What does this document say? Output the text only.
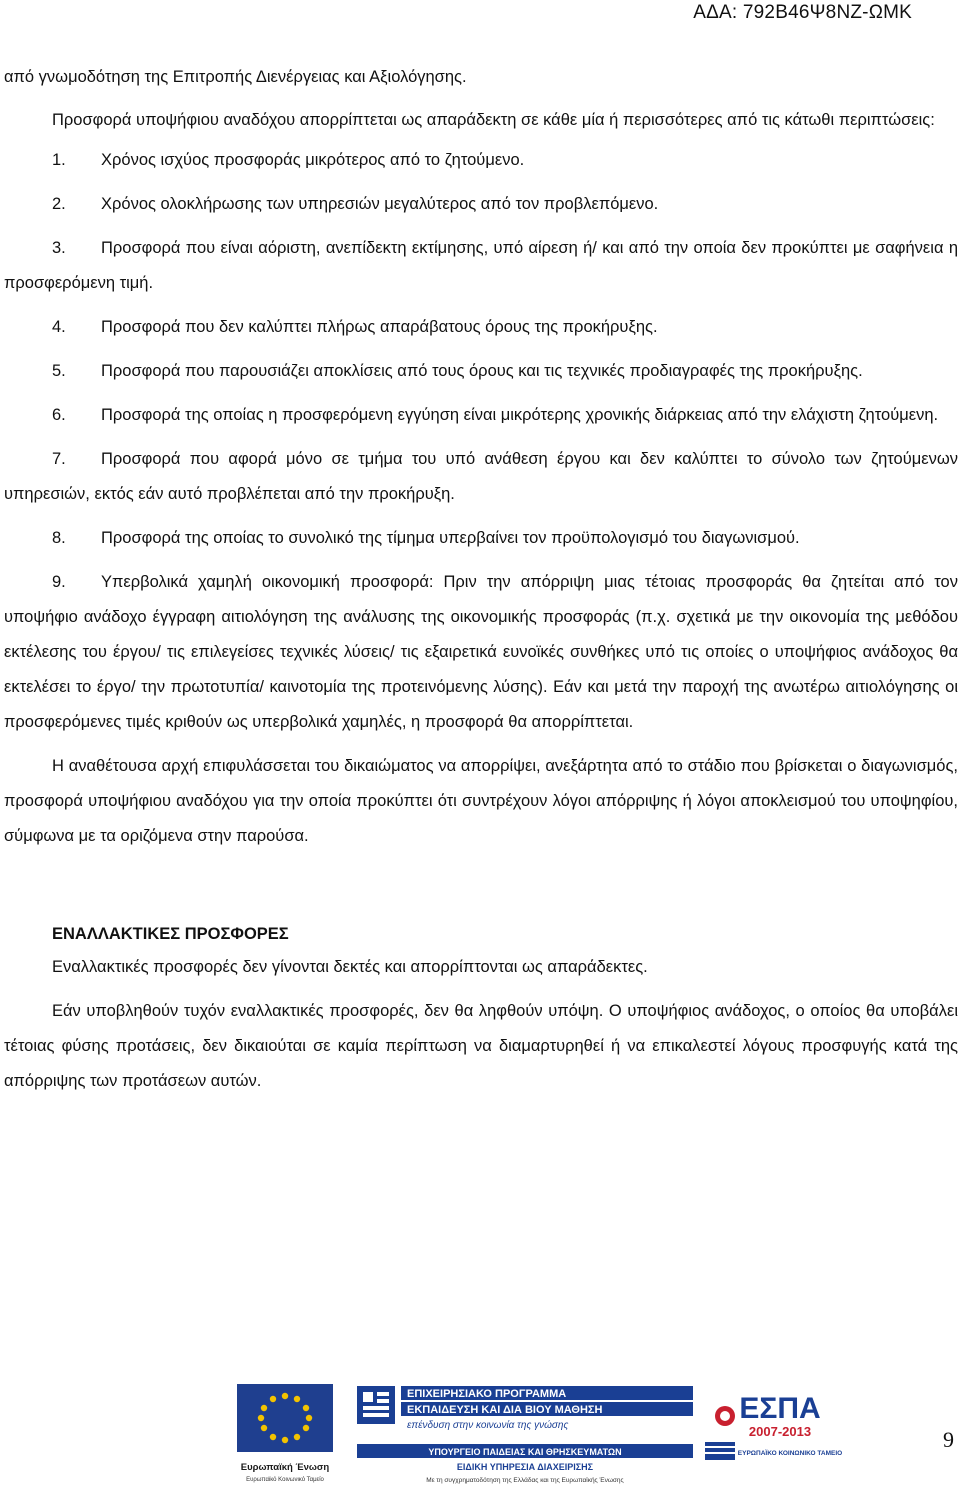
ΑΔΑ: 792Β46Ψ8ΝΖ-ΩΜΚ

από γνωμοδότηση της Επιτροπής Διενέργειας και Αξιολόγησης.

Προσφορά υποψήφιου αναδόχου απορρίπτεται ως απαράδεκτη σε κάθε μία ή περισσότερες από τις κάτωθι περιπτώσεις:

1. Χρόνος ισχύος προσφοράς μικρότερος από το ζητούμενο.

2. Χρόνος ολοκλήρωσης των υπηρεσιών μεγαλύτερος από τον προβλεπόμενο.

3. Προσφορά που είναι αόριστη, ανεπίδεκτη εκτίμησης, υπό αίρεση ή/ και από την οποία δεν προκύπτει με σαφήνεια η προσφερόμενη τιμή.

4. Προσφορά που δεν καλύπτει πλήρως απαράβατους όρους της προκήρυξης.

5. Προσφορά που παρουσιάζει αποκλίσεις από τους όρους και τις τεχνικές προδιαγραφές της προκήρυξης.

6. Προσφορά της οποίας η προσφερόμενη εγγύηση είναι μικρότερης χρονικής διάρκειας από την ελάχιστη ζητούμενη.

7. Προσφορά που αφορά μόνο σε τμήμα του υπό ανάθεση έργου και δεν καλύπτει το σύνολο των ζητούμενων υπηρεσιών, εκτός εάν αυτό προβλέπεται από την προκήρυξη.

8. Προσφορά της οποίας το συνολικό της τίμημα υπερβαίνει τον προϋπολογισμό του διαγωνισμού.

9. Υπερβολικά χαμηλή οικονομική προσφορά: Πριν την απόρριψη μιας τέτοιας προσφοράς θα ζητείται από τον υποψήφιο ανάδοχο έγγραφη αιτιολόγηση της ανάλυσης της οικονομικής προσφοράς (π.χ. σχετικά με την οικονομία της μεθόδου εκτέλεσης του έργου/ τις επιλεγείσες τεχνικές λύσεις/ τις εξαιρετικά ευνοϊκές συνθήκες υπό τις οποίες ο υποψήφιος ανάδοχος θα εκτελέσει το έργο/ την πρωτοτυπία/ καινοτομία της προτεινόμενης λύσης). Εάν και μετά την παροχή της ανωτέρω αιτιολόγησης οι προσφερόμενες τιμές κριθούν ως υπερβολικά χαμηλές, η προσφορά θα απορρίπτεται.

Η αναθέτουσα αρχή επιφυλάσσεται του δικαιώματος να απορρίψει, ανεξάρτητα από το στάδιο που βρίσκεται ο διαγωνισμός, προσφορά υποψήφιου αναδόχου για την οποία προκύπτει ότι συντρέχουν λόγοι απόρριψης ή λόγοι αποκλεισμού του υποψηφίου, σύμφωνα με τα οριζόμενα στην παρούσα.

ΕΝΑΛΛΑΚΤΙΚΕΣ ΠΡΟΣΦΟΡΕΣ

Εναλλακτικές προσφορές δεν γίνονται δεκτές και απορρίπτονται ως απαράδεκτες.

Εάν υποβληθούν τυχόν εναλλακτικές προσφορές, δεν θα ληφθούν υπόψη. Ο υποψήφιος ανάδοχος, ο οποίος θα υποβάλει τέτοιας φύσης προτάσεις, δεν δικαιούται σε καμία περίπτωση να διαμαρτυρηθεί ή να επικαλεστεί λόγους προσφυγής κατά της απόρριψης των προτάσεων αυτών.

Ευρωπαϊκή Ένωση
Ευρωπαϊκό Κοινωνικό Ταμείο
ΕΠΙΧΕΙΡΗΣΙΑΚΟ ΠΡΟΓΡΑΜΜΑ
ΕΚΠΑΙΔΕΥΣΗ ΚΑΙ ΔΙΑ ΒΙΟΥ ΜΑΘΗΣΗ
επένδυση στην κοινωνία της γνώσης
ΥΠΟΥΡΓΕΙΟ ΠΑΙΔΕΙΑΣ ΚΑΙ ΘΡΗΣΚΕΥΜΑΤΩΝ
ΕΙΔΙΚΗ ΥΠΗΡΕΣΙΑ ΔΙΑΧΕΙΡΙΣΗΣ
Με τη συγχρηματοδότηση της Ελλάδας και της Ευρωπαϊκής Ένωσης
ΕΣΠΑ
2007-2013
ΕΥΡΩΠΑΪΚΟ ΚΟΙΝΩΝΙΚΟ ΤΑΜΕΙΟ
9
